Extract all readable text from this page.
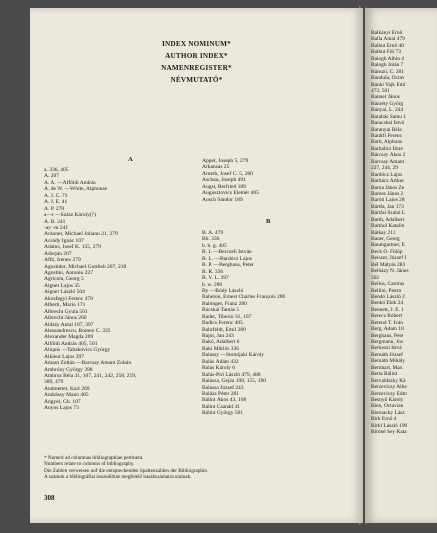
INDEX NOMINUM*
AUTHOR INDEX*
NAMENREGISTER*
NÉVMUTATÓ*
A
a. 336, 405
A. 207
A. A. —Affóldi András
A. de W. —White, Alphonse
A. J. C. 73
A. J. E. 41
A. P. 270
a—r —Szász Károly(?)
A. R. 241
-ay -m 241
Ácksner, Michael Johann 21, 279
Acsády Ignác 107
Adams, Josef K. 155, 279
Adorján 207
Affó, Ireneo 279
Agustider, Michael Gottlieb 207, 218
Agostini, Antonio 227
Agricola, Georg 5
Aigner Lajos 35
Aigner László 504
Akosfegyi Ferenc 479
Alberti, Mario 171
Albrecht Gyula 501
Albrecht János 260
Aldásy Antal 107, 397
Alessandrescu, Romeo C. 335
Alexander Magda 269
Alföldi András 405, 501
Aliquis —Tabakovics György
Alkieur Lajos 397
Amant Zoltán —Barcsay Amant Zoltán
Ambrózy György 398
Ambrus Béla 31, 107, 241, 242, 258, 259,
389, 479
Andreetter, Karl 269
Andrássy Manó 405
Ángyel, Gh. 107
Ányos Lajos 73
Appel, Joseph 5, 279
Arkansas 25
Arneth, Josef C. 5, 280
Aschau, Joseph 491
Augst, Berfried 189
Augusztovics Elemér 405
Ausch Sándor 189
B
B. A. 479
Bb. 336
b. b. g. 405
B. I. —Berczeli István
B. L. —Bardócz Lajos
B. P. —Berghaus, Peter
B. R. 336
B. V. L. 397
b. w. 280
By —Bódy László
Babelon, Ernest Charles François 280
Babinger, Franz 280
Bácskai Tamás 5
Bader, Tiberiu 31, 107
Badics Ferenc 405
Bahrfeldt, Emil 280
Bajor, Jan 243
Bakó, Adalbert 6
Baki Miklós 336
Balassy —Stomijaki Károly
Balás Ádám 432
Balás Károly 6
Balás-Piri László 479, 488
Balássa, Gejza 108, 155, 190
Balassa József 243
Balázs Péter 281
Bálint Ákos 43, 108
Bálint Csanád 41
Bálint György 501
* Numeri ad columnas bibliographiae pertinent.
Numbers relate to columns of bibliography.
Die Zahlen verweisen auf die entsprechenden Spaltenzahlen der Bibliographie.
A számok a bibliográfiai összeállítás megfelelő hasábszámaira utalnak.
308
Balkányi Ernő
Balla Antal 479
Balhut Ernő 40
Balhut Fili 73
Balogh Albin 4
Balogh Jolán 7
Bánszú, C. 281
Bandula, Octav
Bánki Vajk Emi
473, 501
Banner János
Bánréty Győrg
Bányai, L. 244
Barabás Samu 1
Baracskai Istvá
Baranyai Béla
Barátfi Ferenc
Barb, Alphons
Barbalics Imre
Bárcsay Ákos 2
Barcsay Amant
227, 244, 29
Bardócz Lajos
Barbácz Arthur
Barna János Ze
Barnes János 2
Baróti Lajos 28
Bártfa, Jan 173
Bártfai Szabó L
Barth, Adalbert
Barthol Katalin
Bátkay 211
Bauer, Georg
Baumgartner, E
Beck Ö. Fülöp
Beiszer, József I
Bél Mátyás 283
Belházy N. János
502
Bellus, Carolus
Bellini, Pietro
Bendó László 2
Benkó Elek 24
Bennett, J. E. 1
Berecz Róbert
Berend T. Iván
Berg, Adam 10
Berghaus, Pete
Bergmann, Jos
Berkeszi Istvá
Bernáth József
Bernáth Mihály
Bernhart, Max
Berta Bálint
Bervaldszky Ká
Berzeviczy Albe
Berzeviczy Edm
Besnyő Károly
Bien, Octavian
Biernacky Lász
Birk Ernő 4
Bírkl László 190
Bíróné Sey Kata
